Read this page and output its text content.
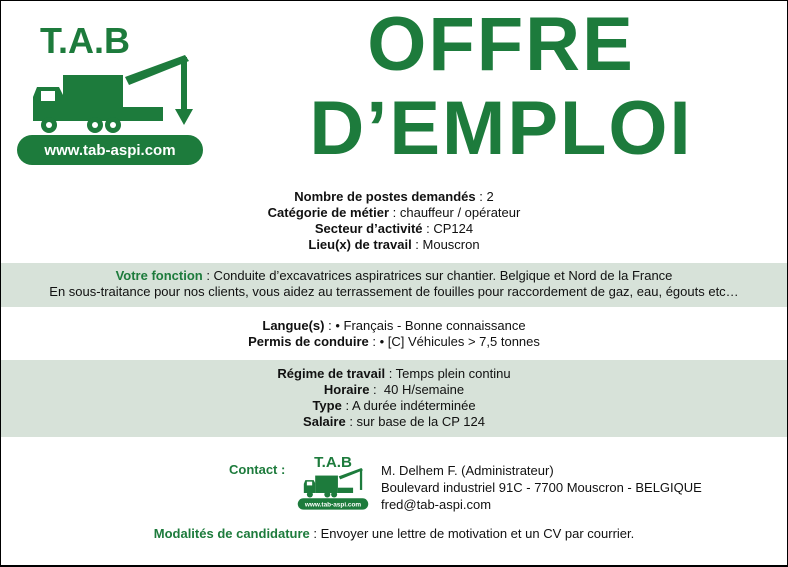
T.A.B
www.tab-aspi.com
OFFRE
D’EMPLOI
Nombre de postes demandés : 2
Catégorie de métier : chauffeur / opérateur
Secteur d’activité : CP124
Lieu(x) de travail : Mouscron
Votre fonction : Conduite d’excavatrices aspiratrices sur chantier. Belgique et Nord de la France
En sous-traitance pour nos clients, vous aidez au terrassement de fouilles pour raccordement de gaz, eau, égouts etc…
Langue(s) : • Français - Bonne connaissance
Permis de conduire : • [C] Véhicules > 7,5 tonnes
Régime de travail : Temps plein continu
Horaire :  40 H/semaine
Type : A durée indéterminée
Salaire : sur base de la CP 124
Contact : T.A.B
www.tab-aspi.com
M. Delhem F. (Administrateur)
Boulevard industriel 91C - 7700 Mouscron - BELGIQUE
fred@tab-aspi.com
Modalités de candidature : Envoyer une lettre de motivation et un CV par courrier.
